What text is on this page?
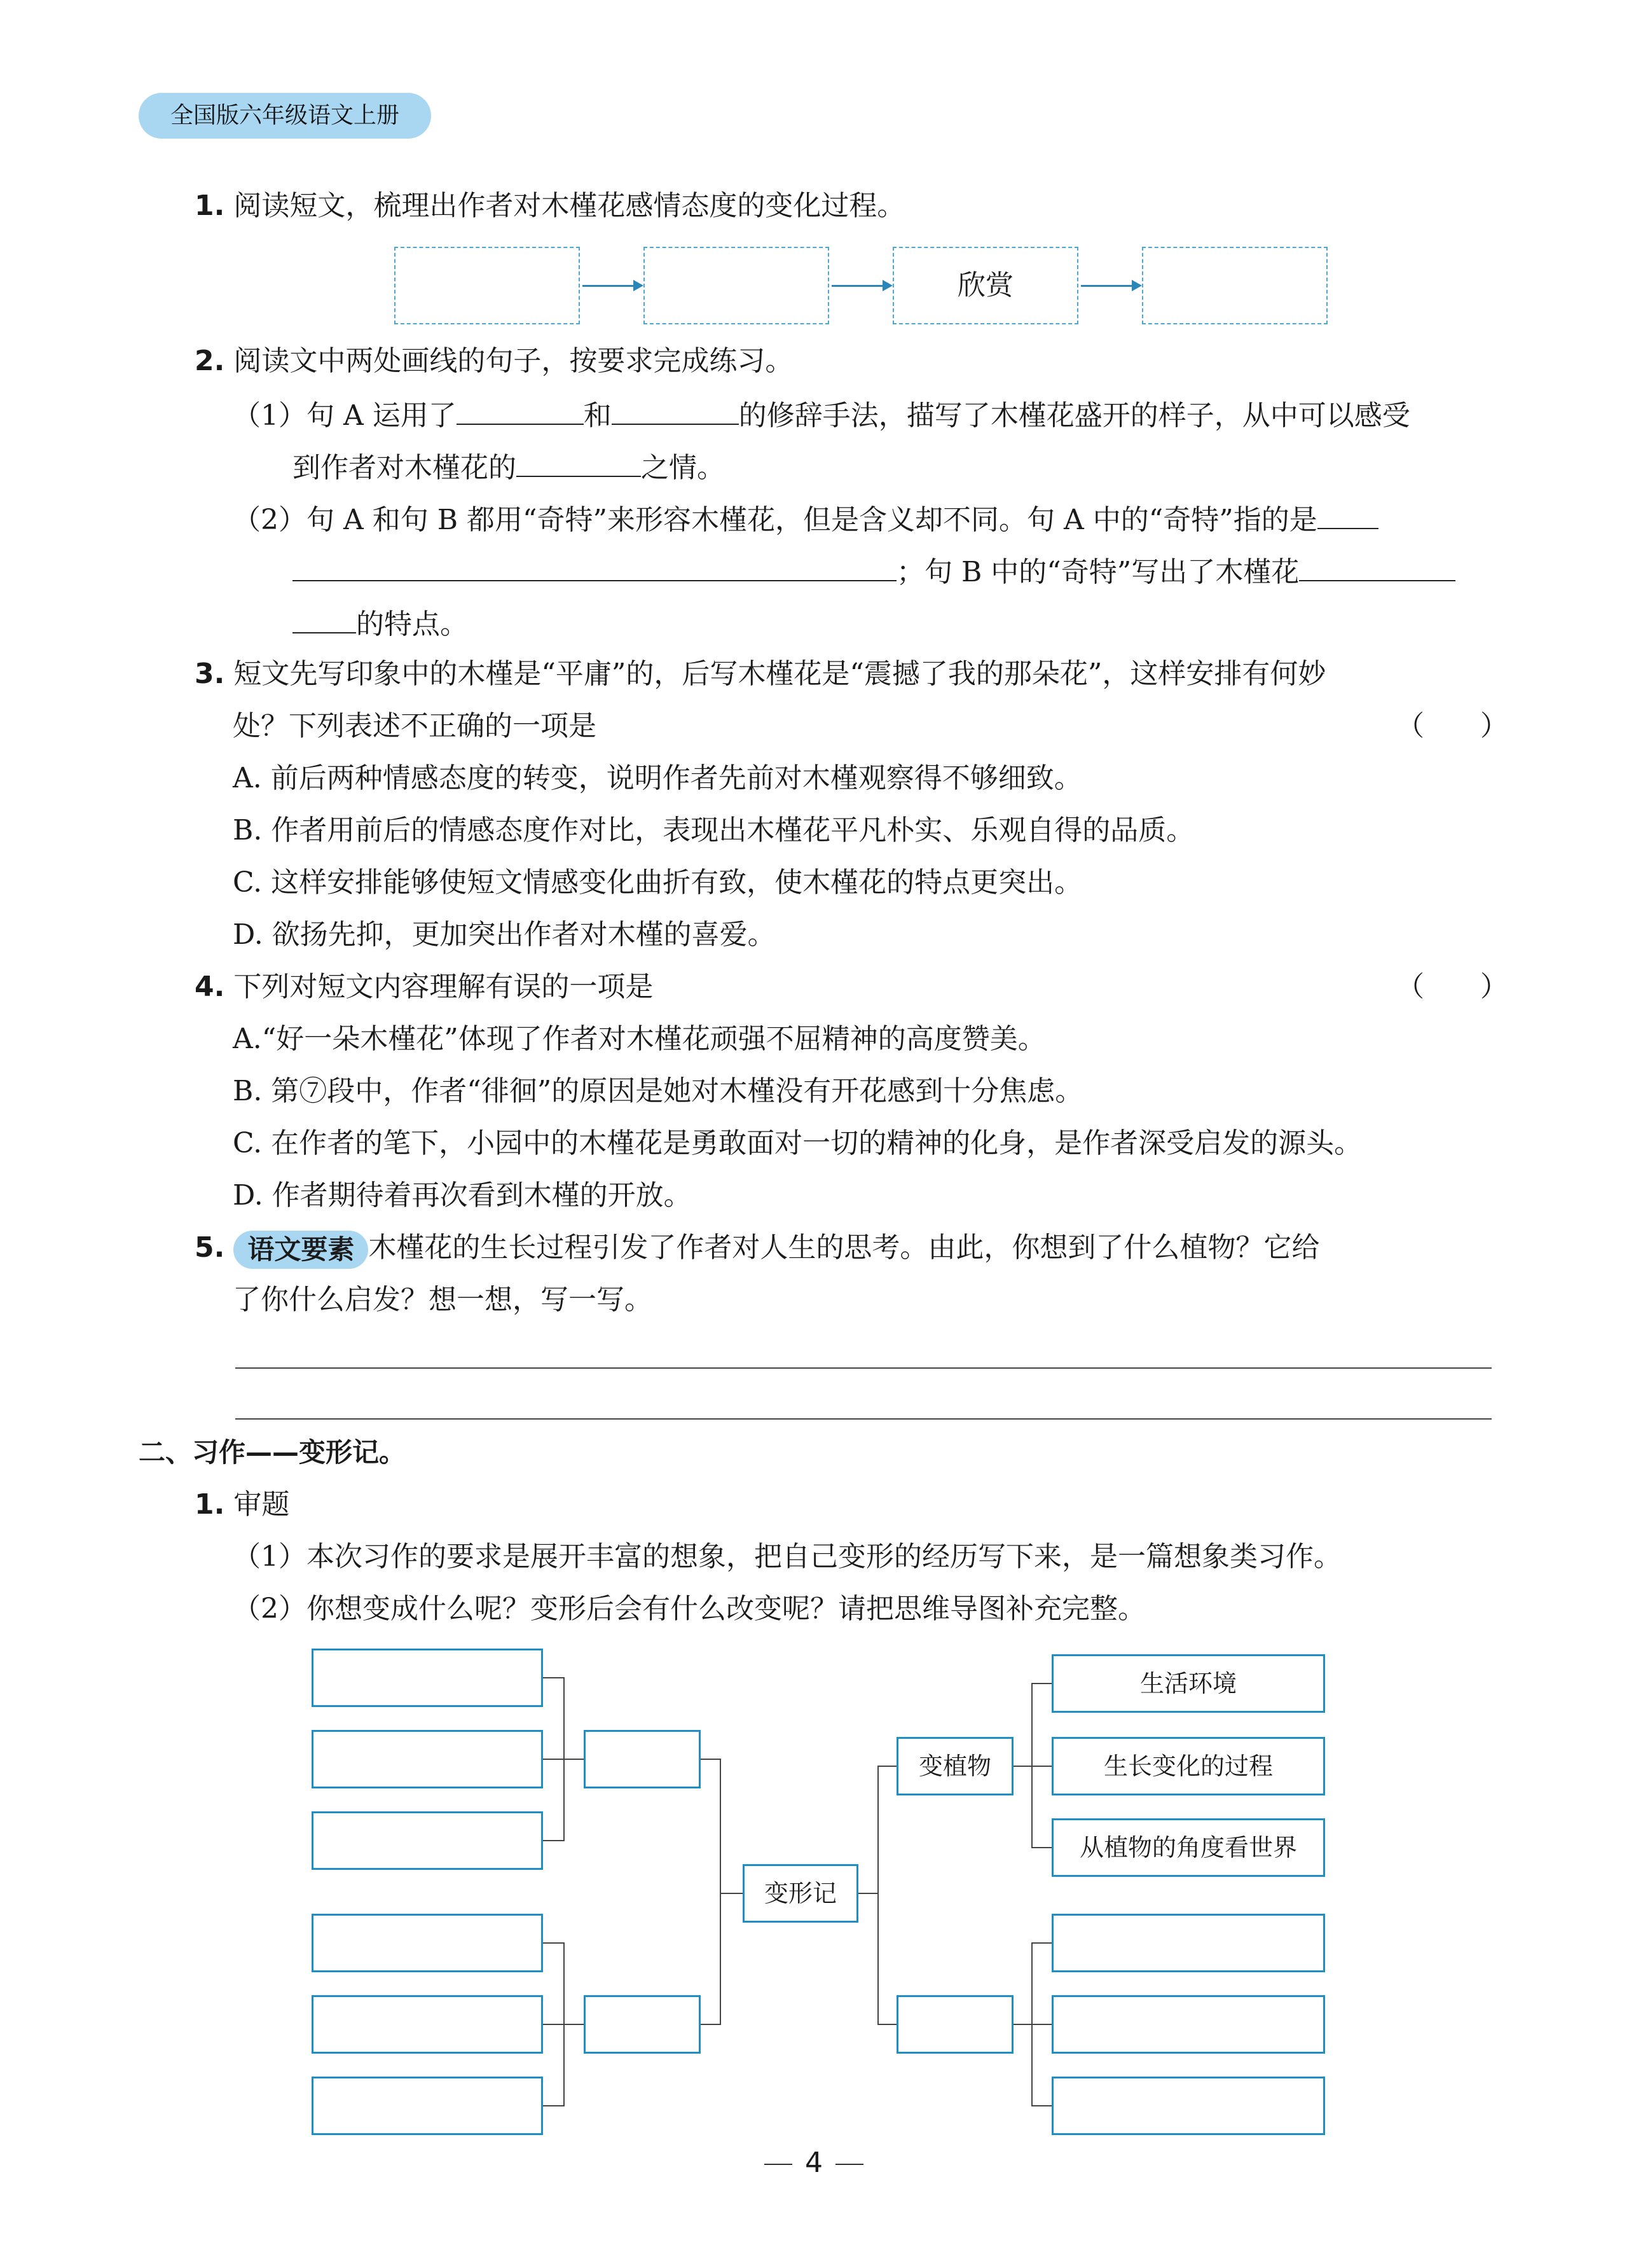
全国版六年级语文上册
1. 阅读短文，梳理出作者对木槿花感情态度的变化过程。
欣赏
2. 阅读文中两处画线的句子，按要求完成练习。
（1）句 A 运用了	和	的修辞手法，描写了木槿花盛开的样子，从中可以感受
到作者对木槿花的	之情。
（2）句 A 和句 B 都用“奇特”来形容木槿花，但是含义却不同。句 A 中的“奇特”指的是
；句 B 中的“奇特”写出了木槿花
的特点。
3. 短文先写印象中的木槿是“平庸”的，后写木槿花是“震撼了我的那朵花”，这样安排有何妙
处？下列表述不正确的一项是	（　　）
A. 前后两种情感态度的转变，说明作者先前对木槿观察得不够细致。
B. 作者用前后的情感态度作对比，表现出木槿花平凡朴实、乐观自得的品质。
C. 这样安排能够使短文情感变化曲折有致，使木槿花的特点更突出。
D. 欲扬先抑，更加突出作者对木槿的喜爱。
4. 下列对短文内容理解有误的一项是	（　　）
A.“好一朵木槿花”体现了作者对木槿花顽强不屈精神的高度赞美。
B. 第⑦段中，作者“徘徊”的原因是她对木槿没有开花感到十分焦虑。
C. 在作者的笔下，小园中的木槿花是勇敢面对一切的精神的化身，是作者深受启发的源头。
D. 作者期待着再次看到木槿的开放。
5. 语文要素 木槿花的生长过程引发了作者对人生的思考。由此，你想到了什么植物？它给
了你什么启发？想一想，写一写。
二、习作——变形记。
1. 审题
（1）本次习作的要求是展开丰富的想象，把自己变形的经历写下来，是一篇想象类习作。
（2）你想变成什么呢？变形后会有什么改变呢？请把思维导图补充完整。
变形记
变植物
生活环境
生长变化的过程
从植物的角度看世界
4
